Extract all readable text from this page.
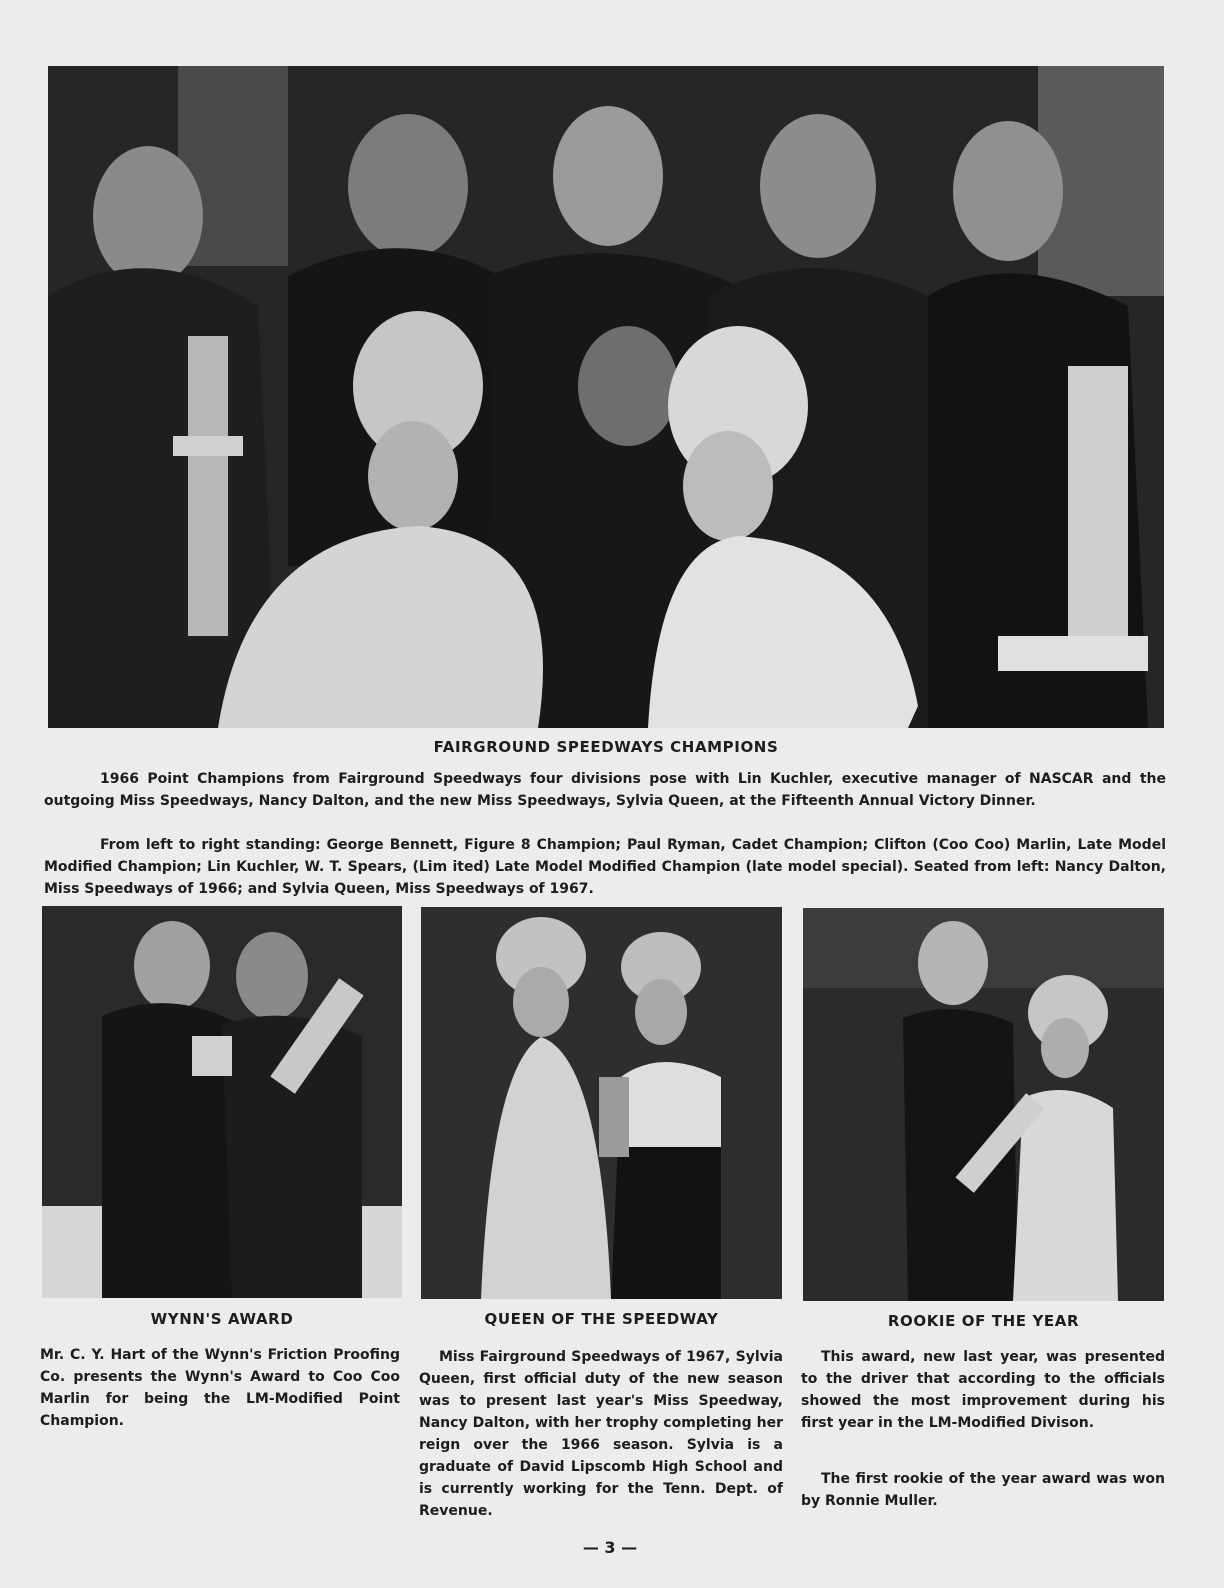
FAIRGROUND SPEEDWAYS CHAMPIONS

1966 Point Champions from Fairground Speedways four divisions pose with Lin Kuchler, executive manager of NASCAR and the outgoing Miss Speedways, Nancy Dalton, and the new Miss Speedways, Sylvia Queen, at the Fifteenth Annual Victory Dinner.

From left to right standing: George Bennett, Figure 8 Champion; Paul Ryman, Cadet Champion; Clifton (Coo Coo) Marlin, Late Model Modified Champion; Lin Kuchler, W. T. Spears, (Lim ited) Late Model Modified Champion (late model special). Seated from left: Nancy Dalton, Miss Speedways of 1966; and Sylvia Queen, Miss Speedways of 1967.

WYNN'S AWARD	QUEEN OF THE SPEEDWAY	ROOKIE OF THE YEAR

Mr. C. Y. Hart of the Wynn's Friction Proofing Co. presents the Wynn's Award to Coo Coo Marlin for being the LM-Modified Point Champion.

Miss Fairground Speedways of 1967, Sylvia Queen, first official duty of the new season was to present last year's Miss Speedway, Nancy Dalton, with her trophy completing her reign over the 1966 season. Sylvia is a graduate of David Lipscomb High School and is currently working for the Tenn. Dept. of Revenue.

This award, new last year, was presented to the driver that according to the officials showed the most improvement during his first year in the LM-Modified Divison.

The first rookie of the year award was won by Ronnie Muller.

— 3 —
